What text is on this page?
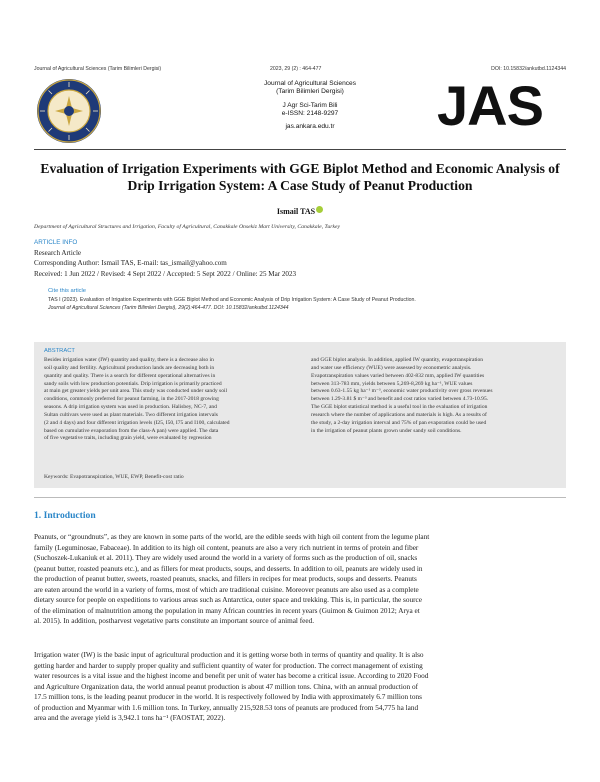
Journal of Agricultural Sciences (Tarim Bilimleri Dergisi)	2023, 29 (2) : 464-477	DOI: 10.15832/ankutbd.1124344
Journal of Agricultural Sciences
(Tarim Bilimleri Dergisi)
J Agr Sci-Tarim Bili
e-ISSN: 2148-9297
jas.ankara.edu.tr	JAS
Evaluation of Irrigation Experiments with GGE Biplot Method and Economic Analysis of
Drip Irrigation System: A Case Study of Peanut Production
Ismail TAS
Department of Agricultural Structures and Irrigation, Faculty of Agricultural, Canakkale Onsekiz Mart University, Canakkale, Turkey
ARTICLE INFO
Research Article
Corresponding Author: Ismail TAS, E-mail: tas_ismail@yahoo.com
Received: 1 Jun 2022 / Revised: 4 Sept 2022 / Accepted: 5 Sept 2022 / Online: 25 Mar 2023
Cite this article
TAS I (2023). Evaluation of Irrigation Experiments with GGE Biplot Method and Economic Analysis of Drip Irrigation System: A Case Study of Peanut Production.
Journal of Agricultural Sciences (Tarim Bilimleri Dergisi), 29(2):464-477. DOI: 10.15832/ankutbd.1124344
ABSTRACT
Besides irrigation water (IW) quantity and quality, there is a decrease also in
soil quality and fertility. Agricultural production lands are decreasing both in
quantity and quality. There is a search for different operational alternatives in
sandy soils with low production potentials. Drip irrigation is primarily practiced
at main get greater yields per unit area. This study was conducted under sandy soil
conditions, commonly preferred for peanut farming, in the 2017-2018 growing
seasons. A drip irrigation system was used in production. Halisbey, NC-7, and
Sultan cultivars were used as plant materials. Two different irrigation intervals
(2 and 4 days) and four different irrigation levels (I25, I50, I75 and I100, calculated
based on cumulative evaporation from the class-A pan) were applied. The data
of five vegetative traits, including grain yield, were evaluated by regression
and GGE biplot analysis. In addition, applied IW quantity, evapotranspiration
and water use efficiency (WUE) were assessed by econometric analysis.
Evapotranspiration values varied between 402-832 mm, applied IW quantities
between 313-783 mm, yields between 5,269-8,269 kg ha⁻¹, WUE values
between 0.63-1.55 kg ha⁻¹ m⁻³, economic water productivity over gross revenues
between 1.29-3.81 $ m⁻³ and benefit and cost ratios varied between 4.73-10.95.
The GGE biplot statistical method is a useful tool in the evaluation of irrigation
research where the number of applications and materials is high. As a results of
the study, a 2-day irrigation interval and 75% of pan evaporation could be used
in the irrigation of peanut plants grown under sandy soil conditions.
Keywords: Evapotranspiration, WUE, EWP, Benefit-cost ratio
1. Introduction
Peanuts, or “groundnuts”, as they are known in some parts of the world, are the edible seeds with high oil content from the legume plant
family (Leguminosae, Fabaceae). In addition to its high oil content, peanuts are also a very rich nutrient in terms of protein and fiber
(Suchoszek-Lukaniuk et al. 2011). They are widely used around the world in a variety of forms such as the production of oil, snacks
(peanut butter, roasted peanuts etc.), and as fillers for meat products, soups, and desserts. In addition to oil, peanuts are widely used in
the production of peanut butter, sweets, roasted peanuts, snacks, and fillers in recipes for meat products, soups and desserts. Peanuts
are eaten around the world in a variety of forms, most of which are traditional cuisine. Moreover peanuts are also used as a complete
dietary source for people on expeditions to various areas such as Antarctica, outer space and trekking. This is, in particular, the source
of the elimination of malnutrition among the population in many African countries in recent years (Guimon & Guimon 2012; Arya et
al. 2015). In addition, postharvest vegetative parts constitute an important source of animal feed.
Irrigation water (IW) is the basic input of agricultural production and it is getting worse both in terms of quantity and quality. It is also
getting harder and harder to supply proper quality and sufficient quantity of water for production. The correct management of existing
water resources is a vital issue and the highest income and benefit per unit of water has become a critical issue. According to 2020 Food
and Agriculture Organization data, the world annual peanut production is about 47 million tons. China, with an annual production of
17.5 million tons, is the leading peanut producer in the world. It is respectively followed by India with approximately 6.7 million tons
of production and Myanmar with 1.6 million tons. In Turkey, annually 215,928.53 tons of peanuts are produced from 54,775 ha land
area and the average yield is 3,942.1 tons ha⁻¹ (FAOSTAT, 2022).
